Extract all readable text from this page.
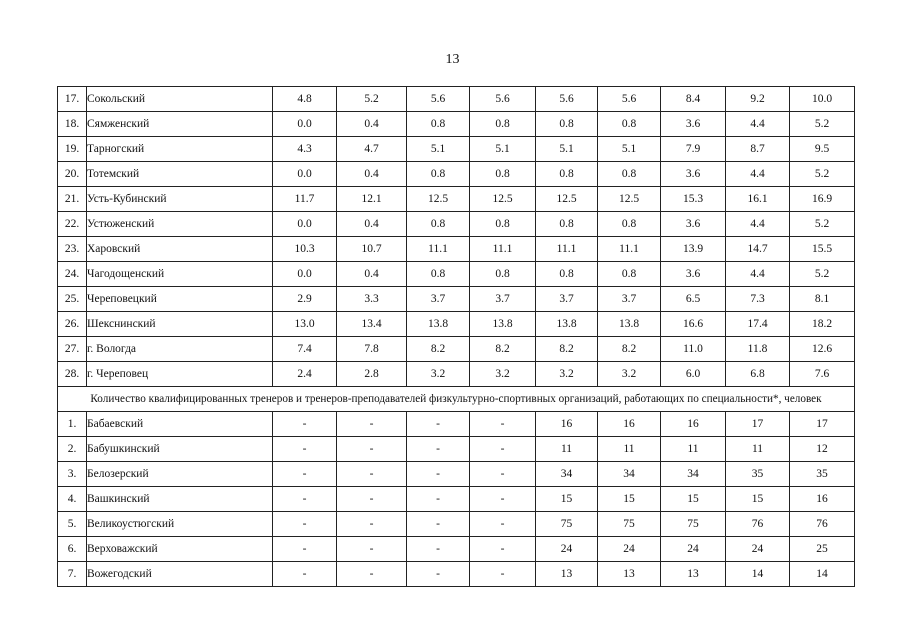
13
17.	Сокольский	4.8	5.2	5.6	5.6	5.6	5.6	8.4	9.2	10.0
18.	Сямженский	0.0	0.4	0.8	0.8	0.8	0.8	3.6	4.4	5.2
19.	Тарногский	4.3	4.7	5.1	5.1	5.1	5.1	7.9	8.7	9.5
20.	Тотемский	0.0	0.4	0.8	0.8	0.8	0.8	3.6	4.4	5.2
21.	Усть-Кубинский	11.7	12.1	12.5	12.5	12.5	12.5	15.3	16.1	16.9
22.	Устюженский	0.0	0.4	0.8	0.8	0.8	0.8	3.6	4.4	5.2
23.	Харовский	10.3	10.7	11.1	11.1	11.1	11.1	13.9	14.7	15.5
24.	Чагодощенский	0.0	0.4	0.8	0.8	0.8	0.8	3.6	4.4	5.2
25.	Череповецкий	2.9	3.3	3.7	3.7	3.7	3.7	6.5	7.3	8.1
26.	Шекснинский	13.0	13.4	13.8	13.8	13.8	13.8	16.6	17.4	18.2
27.	г. Вологда	7.4	7.8	8.2	8.2	8.2	8.2	11.0	11.8	12.6
28.	г. Череповец	2.4	2.8	3.2	3.2	3.2	3.2	6.0	6.8	7.6
Количество квалифицированных тренеров и тренеров-преподавателей физкультурно-спортивных организаций, работающих по специальности*, человек										
1.	Бабаевский	-	-	-	-	16	16	16	17	17
2.	Бабушкинский	-	-	-	-	11	11	11	11	12
3.	Белозерский	-	-	-	-	34	34	34	35	35
4.	Вашкинский	-	-	-	-	15	15	15	15	16
5.	Великоустюгский	-	-	-	-	75	75	75	76	76
6.	Верховажский	-	-	-	-	24	24	24	24	25
7.	Вожегодский	-	-	-	-	13	13	13	14	14
